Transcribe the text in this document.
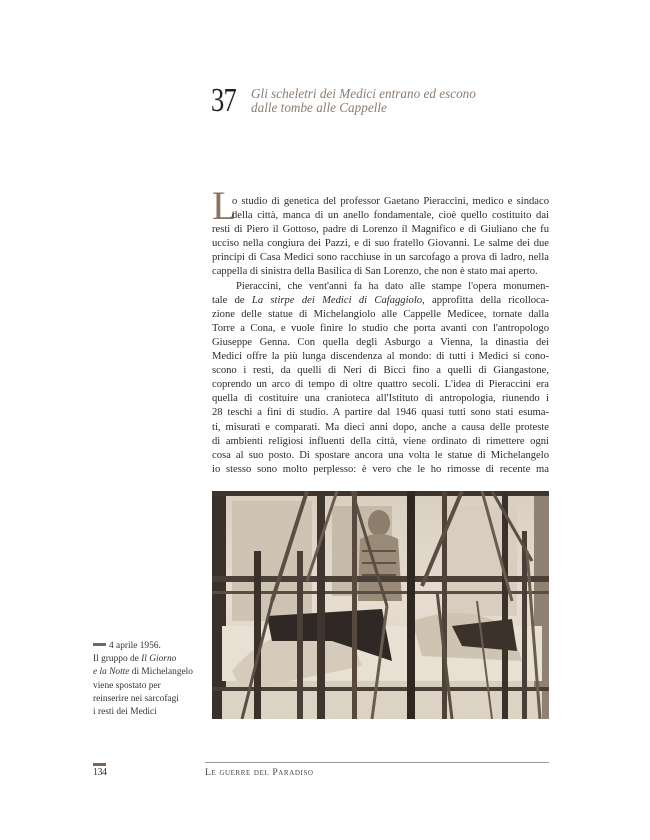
37 Gli scheletri dei Medici entrano ed escono
dalle tombe alle Cappelle
L
o studio di genetica del professor Gaetano Pieraccini, medico e sindaco
della città, manca di un anello fondamentale, cioè quello costituito dai
resti di Piero il Gottoso, padre di Lorenzo il Magnifico e di Giuliano che fu
ucciso nella congiura dei Pazzi, e di suo fratello Giovanni. Le salme dei due
principi di Casa Medici sono racchiuse in un sarcofago a prova di ladro, nella
cappella di sinistra della Basilica di San Lorenzo, che non è stato mai aperto.
Pieraccini, che vent'anni fa ha dato alle stampe l'opera monumen-
tale de La stirpe dei Medici di Cafaggiolo, approfitta della ricolloca-
zione delle statue di Michelangiolo alle Cappelle Medicee, tornate dalla
Torre a Cona, e vuole finire lo studio che porta avanti con l'antropologo
Giuseppe Genna. Con quella degli Asburgo a Vienna, la dinastia dei
Medici offre la più lunga discendenza al mondo: di tutti i Medici si cono-
scono i resti, da quelli di Neri di Bicci fino a quelli di Giangastone,
coprendo un arco di tempo di oltre quattro secoli. L'idea di Pieraccini era
quella di costituire una cranioteca all'Istituto di antropologia, riunendo i
28 teschi a fini di studio. A partire dal 1946 quasi tutti sono stati esuma-
ti, misurati e comparati. Ma dieci anni dopo, anche a causa delle proteste
di ambienti religiosi influenti della città, viene ordinato di rimettere ogni
cosa al suo posto. Di spostare ancora una volta le statue di Michelangelo
io stesso sono molto perplesso: è vero che le ho rimosse di recente ma
4 aprile 1956.
Il gruppo de Il Giorno
e la Notte di Michelangelo
viene spostato per
reinserire nei sarcofagi
i resti dei Medici
134	Le guerre del Paradiso
